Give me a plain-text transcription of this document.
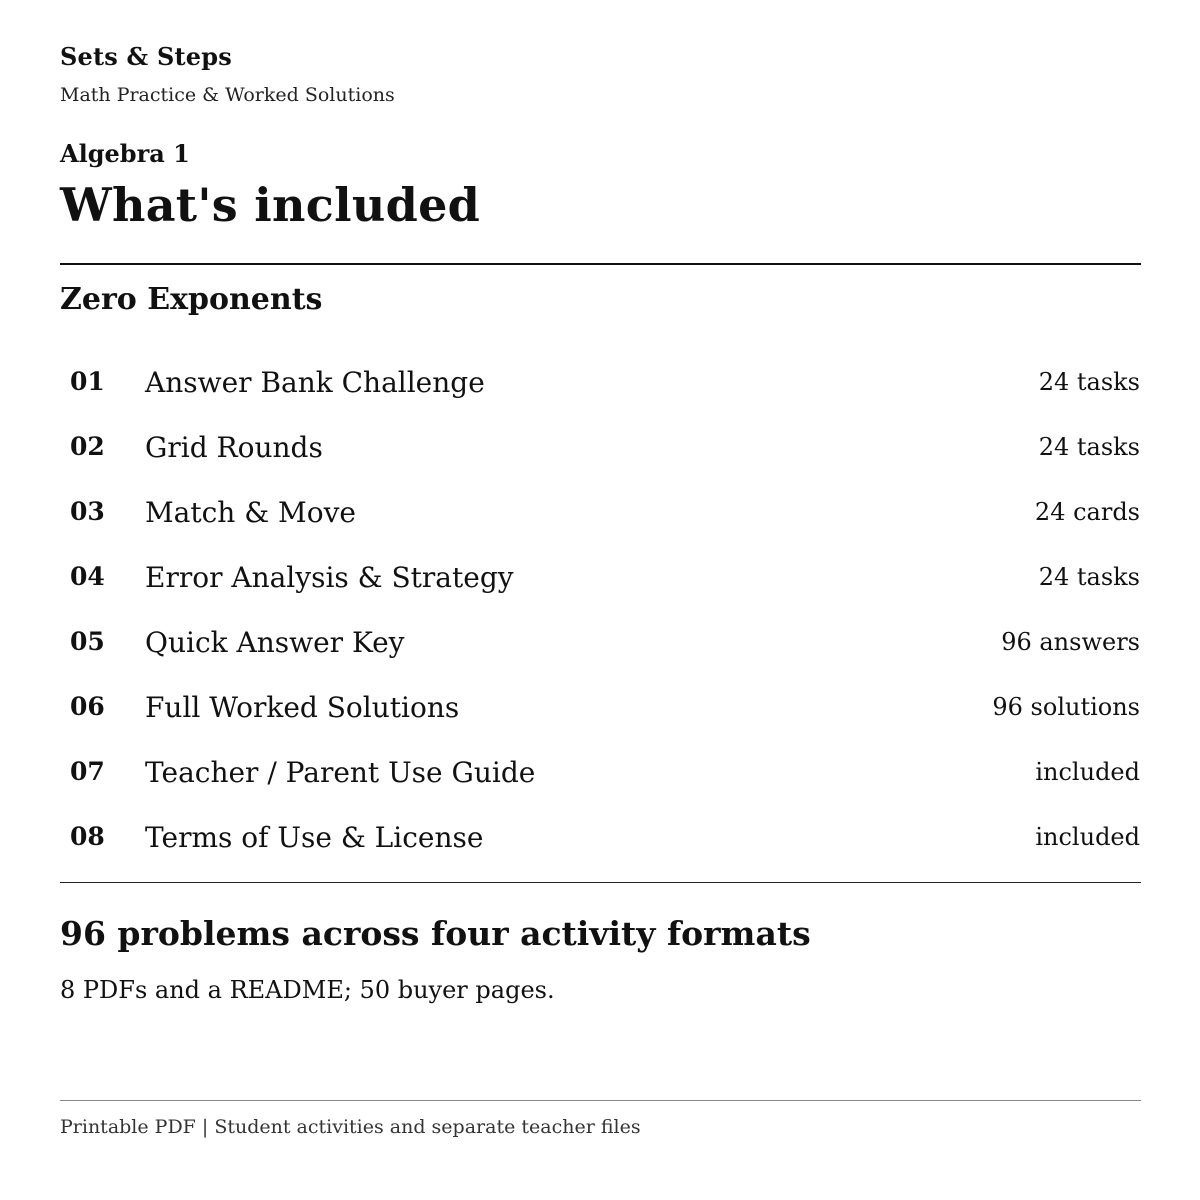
Sets & Steps
Math Practice & Worked Solutions
Algebra 1
What's included
Zero Exponents
01 Answer Bank Challenge	24 tasks
02 Grid Rounds	24 tasks
03 Match & Move	24 cards
04 Error Analysis & Strategy	24 tasks
05 Quick Answer Key	96 answers
06 Full Worked Solutions	96 solutions
07 Teacher / Parent Use Guide	included
08 Terms of Use & License	included
96 problems across four activity formats

8 PDFs and a README; 50 buyer pages.

Printable PDF | Student activities and separate teacher files
